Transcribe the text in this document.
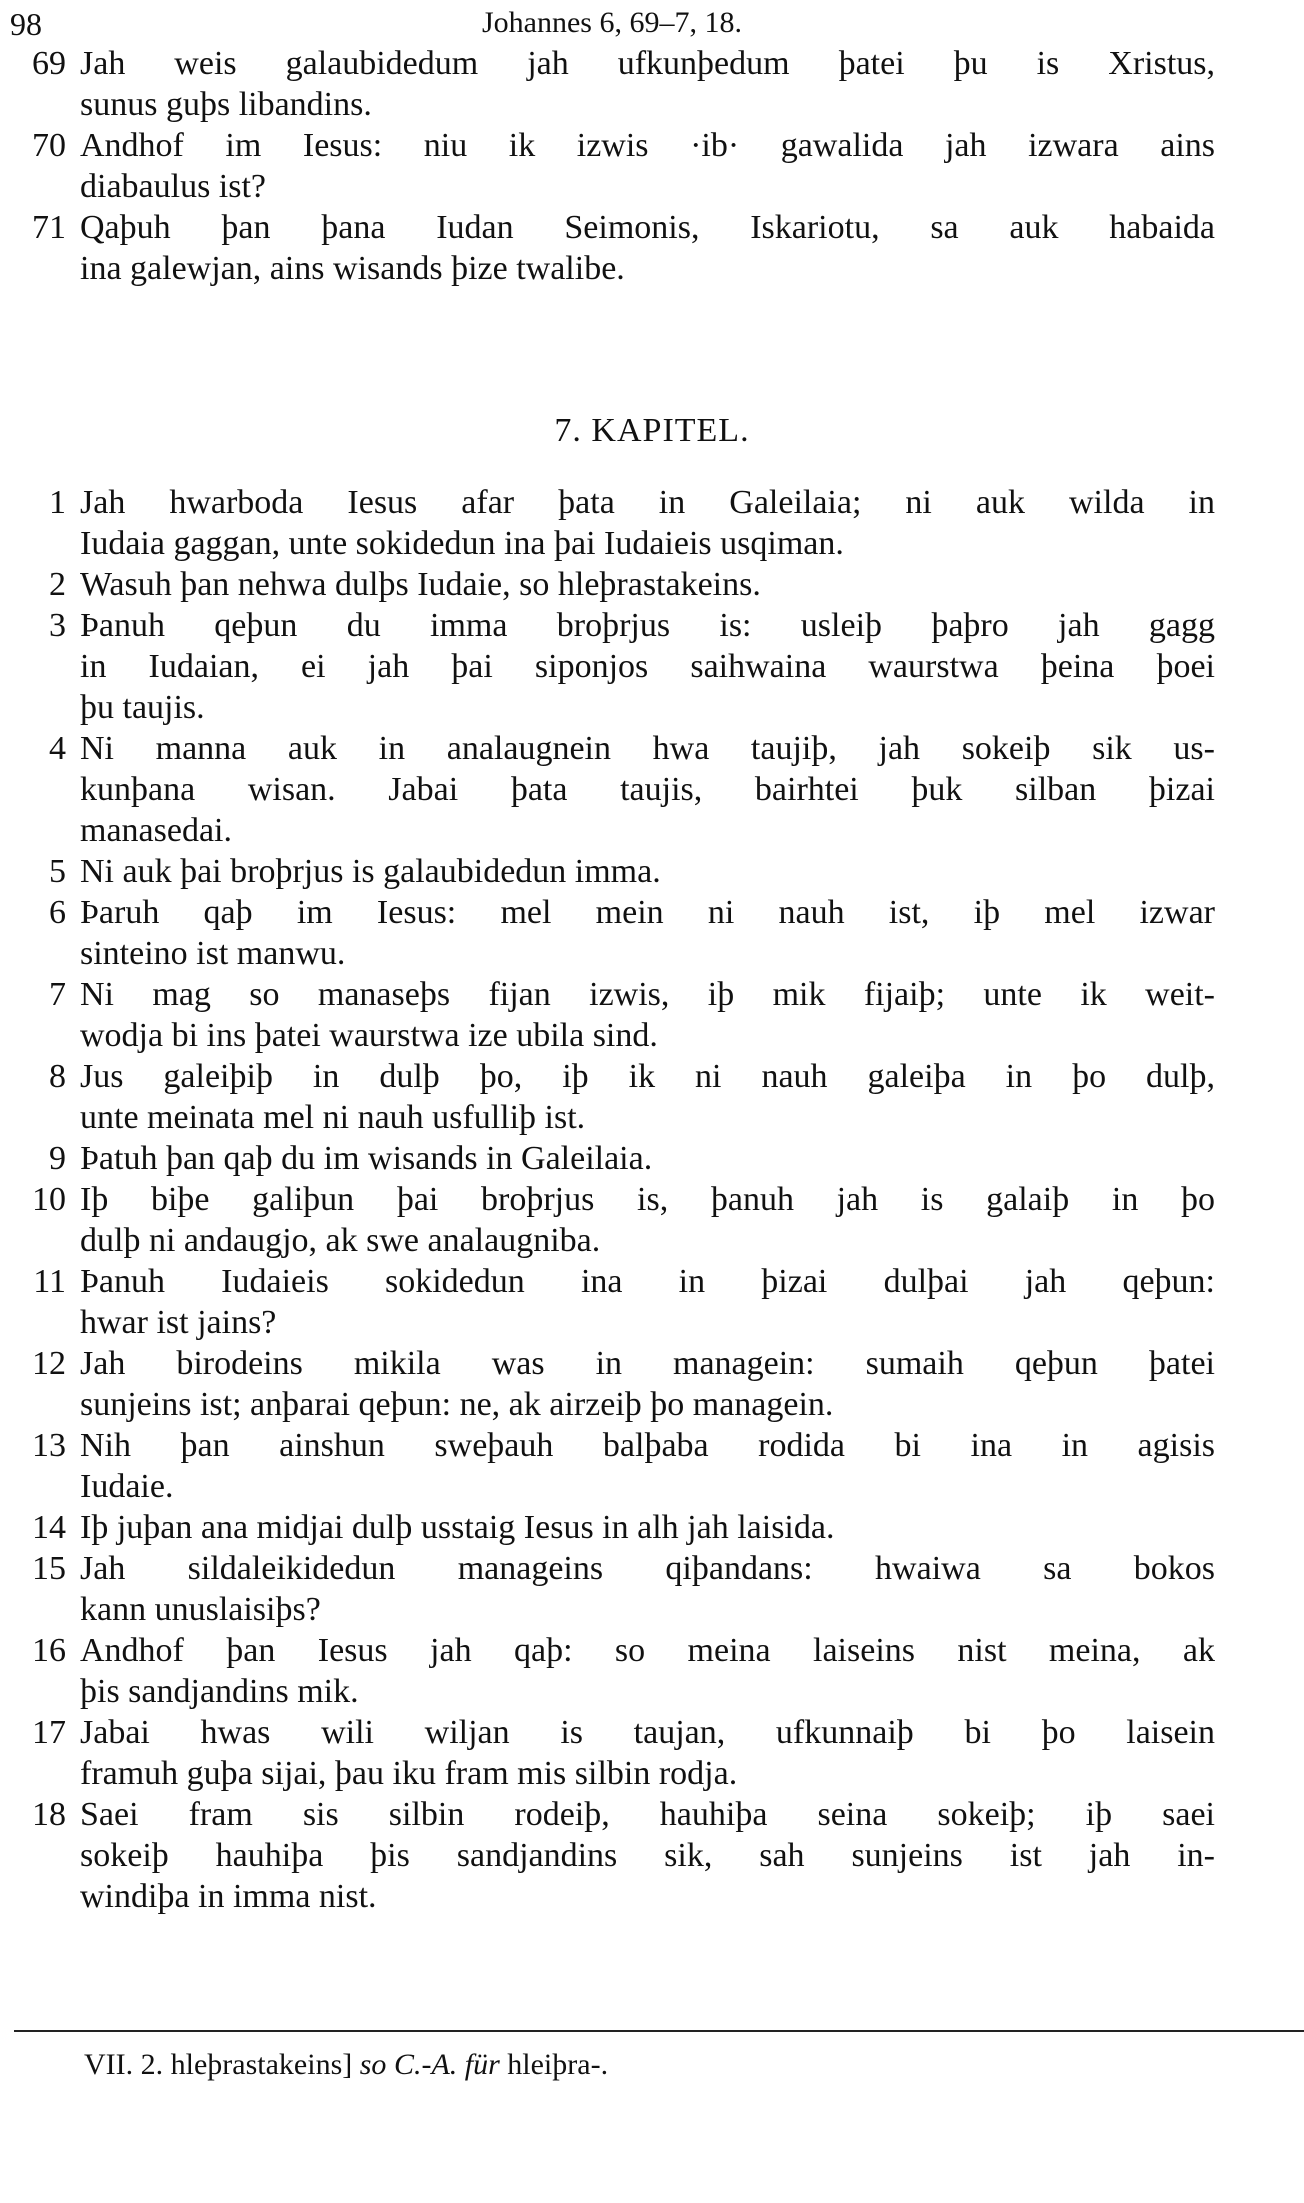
98	Johannes 6, 69–7, 18.
69 Jah weis galaubidedum jah ufkunþedum þatei þu is Xristus,
sunus guþs libandins.
70 Andhof im Iesus: niu ik izwis ·ib· gawalida jah izwara ains
diabaulus ist?
71 Qaþuh þan þana Iudan Seimonis, Iskariotu, sa auk habaida
ina galewjan, ains wisands þize twalibe.
7. KAPITEL.
1 Jah hwarboda Iesus afar þata in Galeilaia; ni auk wilda in
Iudaia gaggan, unte sokidedun ina þai Iudaieis usqiman.
2 Wasuh þan nehwa dulþs Iudaie, so hleþrastakeins.
3 Þanuh qeþun du imma broþrjus is: usleiþ þaþro jah gagg
in Iudaian, ei jah þai siponjos saihwaina waurstwa þeina þoei
þu taujis.
4 Ni manna auk in analaugnein hwa taujiþ, jah sokeiþ sik us-
kunþana wisan. Jabai þata taujis, bairhtei þuk silban þizai
manasedai.
5 Ni auk þai broþrjus is galaubidedun imma.
6 Þaruh qaþ im Iesus: mel mein ni nauh ist, iþ mel izwar
sinteino ist manwu.
7 Ni mag so manaseþs fijan izwis, iþ mik fijaiþ; unte ik weit-
wodja bi ins þatei waurstwa ize ubila sind.
8 Jus galeiþiþ in dulþ þo, iþ ik ni nauh galeiþa in þo dulþ,
unte meinata mel ni nauh usfulliþ ist.
9 Þatuh þan qaþ du im wisands in Galeilaia.
10 Iþ biþe galiþun þai broþrjus is, þanuh jah is galaiþ in þo
dulþ ni andaugjo, ak swe analaugniba.
11 Þanuh Iudaieis sokidedun ina in þizai dulþai jah qeþun:
hwar ist jains?
12 Jah birodeins mikila was in managein: sumaih qeþun þatei
sunjeins ist; anþarai qeþun: ne, ak airzeiþ þo managein.
13 Nih þan ainshun sweþauh balþaba rodida bi ina in agisis
Iudaie.
14 Iþ juþan ana midjai dulþ usstaig Iesus in alh jah laisida.
15 Jah sildaleikidedun manageins qiþandans: hwaiwa sa bokos
kann unuslaisiþs?
16 Andhof þan Iesus jah qaþ: so meina laiseins nist meina, ak
þis sandjandins mik.
17 Jabai hwas wili wiljan is taujan, ufkunnaiþ bi þo laisein
framuh guþa sijai, þau iku fram mis silbin rodja.
18 Saei fram sis silbin rodeiþ, hauhiþa seina sokeiþ; iþ saei
sokeiþ hauhiþa þis sandjandins sik, sah sunjeins ist jah in-
windiþa in imma nist.
VII. 2. hleþrastakeins] so C.-A. für hleiþra-.
